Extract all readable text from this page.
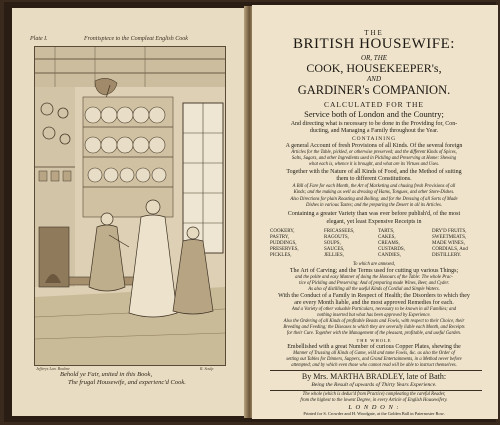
Plate I.	Frontispiece to the Compleat English Cook
Jefferys Lan. Boulme	R. Sculp
Behold ye Fair, united in this Book,
The frugal Housewife, and experienc'd Cook.
THE
BRITISH HOUSEWIFE:
OR, THE
COOK, HOUSEKEEPER's,
AND
GARDINER's COMPANION.
CALCULATED FOR THE
Service both of London and the Country;
And directing what is necessary to be done in the Providing for, Con-
ducting, and Managing a Family throughout the Year.
CONTAINING
A general Account of fresh Provisions of all Kinds. Of the several foreign
Articles for the Table, pickled, or otherwise preserved; and the different Kinds of Spices,
Salts, Sugars, and other Ingredients used in Pickling and Preserving at Home: Shewing
what each is, whence it is brought, and what are its Virtues and Uses.
Together with the Nature of all Kinds of Food, and the Method of suiting
them to different Constitutions.
A Bill of Fare for each Month, the Art of Marketing and chusing fresh Provisions of all
Kinds; and the making as well as dressing of Hams, Tongues, and other Store-Dishes.
Also Directions for plain Roasting and Boiling; and for the Dressing of all Sorts of Made
Dishes in various Tastes; and the preparing the Desert in all its Articles.
Containing a greater Variety than was ever before publish'd, of the most
elegant, yet least Expensive Receipts in
COOKERY,
PASTRY,
PUDDINGS,
PRESERVES,
PICKLES,
FRICASSEES,
RAGOUTS,
SOUPS,
SAUCES,
JELLIES,
TARTS,
CAKES,
CREAMS,
CUSTARDS,
CANDIES,
DRY'D FRUITS,
SWEETMEATS,
MADE WINES,
CORDIALS, And
DISTILLERY.
To which are annexed,
The Art of Carving; and the Terms used for cutting up various Things;
and the polite and easy Manner of doing the Honours of the Table: The whole Prac-
tice of Pickling and Preserving: And of preparing made Wines, Beer, and Cyder.
As also of distilling all the useful Kinds of Cordial and Simple Waters.
With the Conduct of a Family in Respect of Health; the Disorders to which they
are every Month liable, and the most approved Remedies for each.
And a Variety of other valuable Particulars, necessary to be known in all Families; and
nothing inserted but what has been approved by Experience.
Also the Ordering of all Kinds of profitable Beasts and Fowls, with respect to their Choice, their
Breeding and Feeding; the Diseases to which they are severally liable each Month, and Receipts
for their Cure. Together with the Management of the pleasant, profitable, and useful Garden.
THE WHOLE
Embellished with a great Number of curious Copper Plates, shewing the
Manner of Trussing all Kinds of Game, wild and tame Fowls, &c. as also the Order of
setting out Tables for Dinners, Suppers, and Grand Entertainments, in a Method never before
attempted; and by which even those who cannot read will be able to instruct themselves.
By Mrs. MARTHA BRADLEY, late of Bath:
Being the Result of upwards of Thirty Years Experience.
The whole (which is deduc'd from Practice) compleating the careful Reader,
from the highest to the lowest Degree, in every Article of English Housewifery.
L O N D O N :
Printed for S. Crowder and H. Woodgate, at the Golden Ball in Paternoster Row.
